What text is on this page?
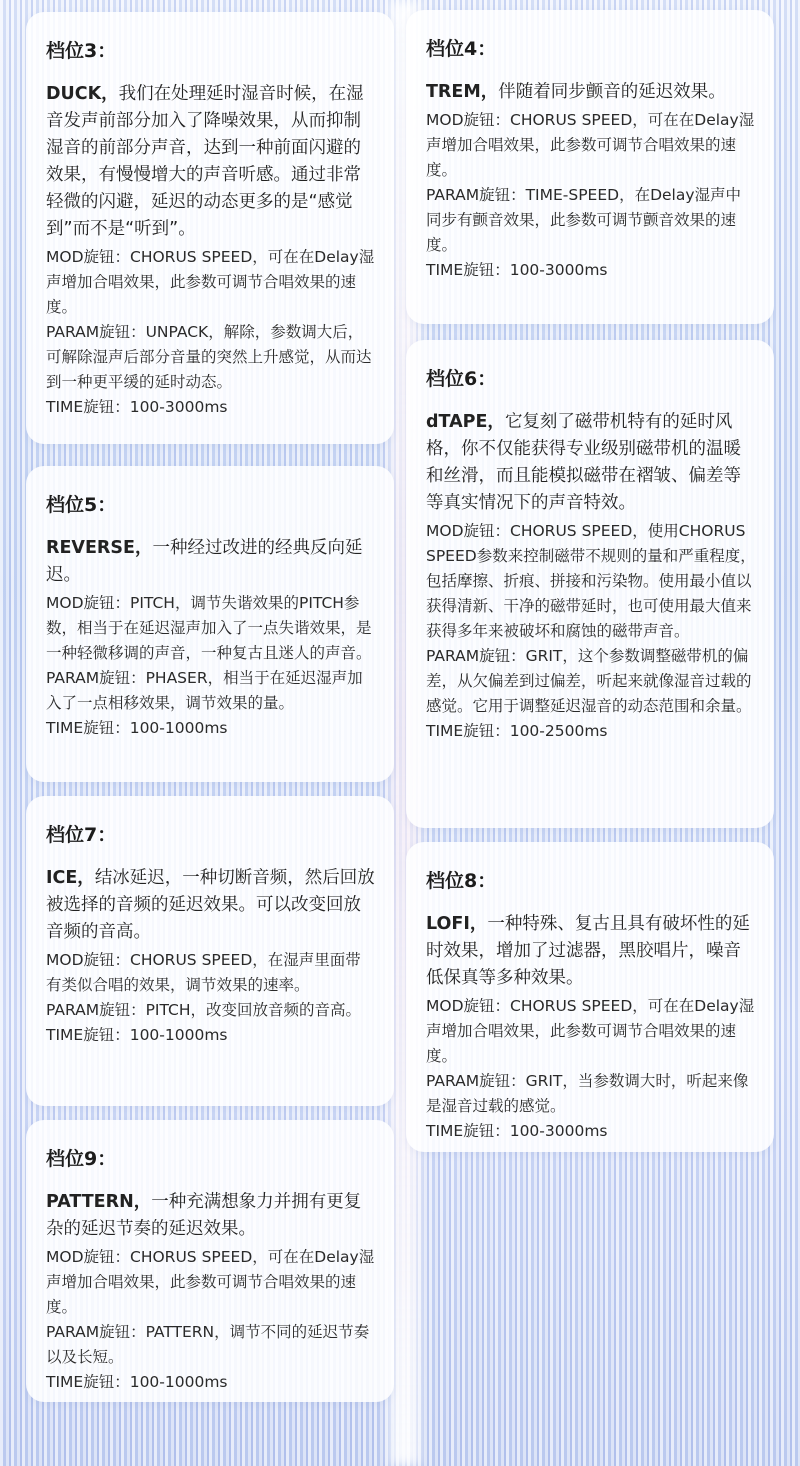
档位3：

DUCK，我们在处理延时湿音时候，在湿音发声前部分加入了降噪效果，从而抑制湿音的前部分声音，达到一种前面闪避的效果，有慢慢增大的声音听感。通过非常轻微的闪避，延迟的动态更多的是“感觉到”而不是“听到”。

MOD旋钮：CHORUS SPEED，可在在Delay湿声增加合唱效果，此参数可调节合唱效果的速度。

PARAM旋钮：UNPACK，解除，参数调大后，可解除湿声后部分音量的突然上升感觉，从而达到一种更平缓的延时动态。

TIME旋钮：100-3000ms

档位4：

TREM，伴随着同步颤音的延迟效果。

MOD旋钮：CHORUS SPEED，可在在Delay湿声增加合唱效果，此参数可调节合唱效果的速度。

PARAM旋钮：TIME-SPEED，在Delay湿声中同步有颤音效果，此参数可调节颤音效果的速度。

TIME旋钮：100-3000ms

档位5：

REVERSE，一种经过改进的经典反向延迟。

MOD旋钮：PITCH，调节失谐效果的PITCH参数，相当于在延迟湿声加入了一点失谐效果，是一种轻微移调的声音，一种复古且迷人的声音。

PARAM旋钮：PHASER，相当于在延迟湿声加入了一点相移效果，调节效果的量。

TIME旋钮：100-1000ms

档位6：

dTAPE，它复刻了磁带机特有的延时风格，你不仅能获得专业级别磁带机的温暖和丝滑，而且能模拟磁带在褶皱、偏差等等真实情况下的声音特效。

MOD旋钮：CHORUS SPEED，使用CHORUS SPEED参数来控制磁带不规则的量和严重程度，包括摩擦、折痕、拼接和污染物。使用最小值以获得清新、干净的磁带延时，也可使用最大值来获得多年来被破坏和腐蚀的磁带声音。

PARAM旋钮：GRIT，这个参数调整磁带机的偏差，从欠偏差到过偏差，听起来就像湿音过载的感觉。它用于调整延迟湿音的动态范围和余量。

TIME旋钮：100-2500ms

档位7：

ICE，结冰延迟，一种切断音频，然后回放被选择的音频的延迟效果。可以改变回放音频的音高。

MOD旋钮：CHORUS SPEED，在湿声里面带有类似合唱的效果，调节效果的速率。

PARAM旋钮：PITCH，改变回放音频的音高。

TIME旋钮：100-1000ms

档位8：

LOFI，一种特殊、复古且具有破坏性的延时效果，增加了过滤器，黑胶唱片，噪音低保真等多种效果。

MOD旋钮：CHORUS SPEED，可在在Delay湿声增加合唱效果，此参数可调节合唱效果的速度。

PARAM旋钮：GRIT，当参数调大时，听起来像是湿音过载的感觉。

TIME旋钮：100-3000ms

档位9：

PATTERN，一种充满想象力并拥有更复杂的延迟节奏的延迟效果。

MOD旋钮：CHORUS SPEED，可在在Delay湿声增加合唱效果，此参数可调节合唱效果的速度。

PARAM旋钮：PATTERN，调节不同的延迟节奏以及长短。

TIME旋钮：100-1000ms
